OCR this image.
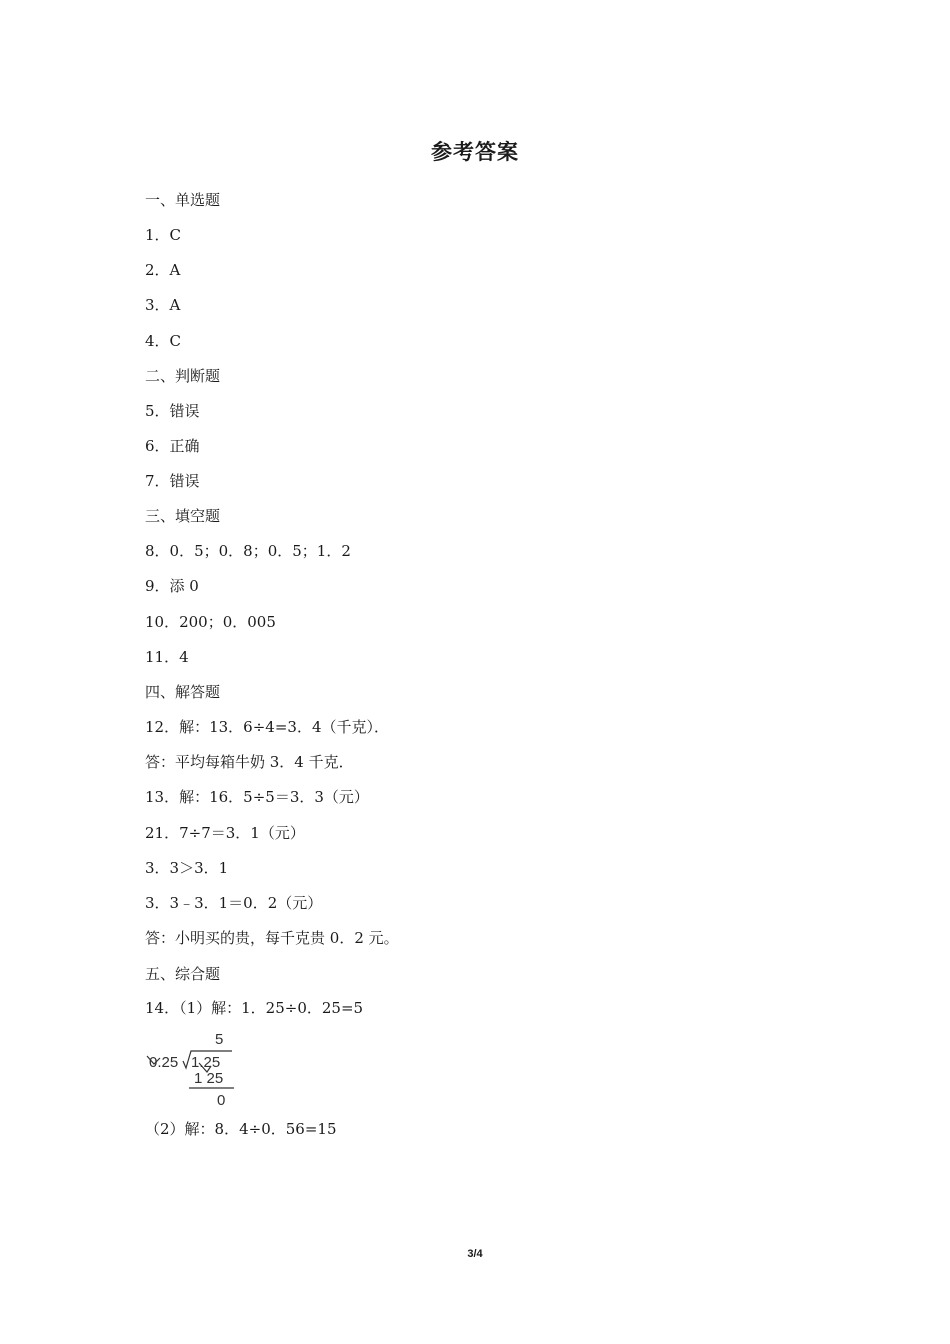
参考答案
一、单选题
1．C
2．A
3．A
4．C
二、判断题
5．错误
6．正确
7．错误
三、填空题
8．0．5；0．8；0．5；1．2
9．添 0
10．200；0．005
11．4
四、解答题
12．解：13．6÷4=3．4（千克）．
答：平均每箱牛奶 3．4 千克．
13．解：16．5÷5＝3．3（元）
21．7÷7＝3．1（元）
3．3＞3．1
3．3﹣3．1＝0．2（元）
答：小明买的贵，每千克贵 0．2 元。
五、综合题
14．（1）解：1．25÷0．25=5
5
0.25 1.25
1 25
0
（2）解：8．4÷0．56=15
3/4
